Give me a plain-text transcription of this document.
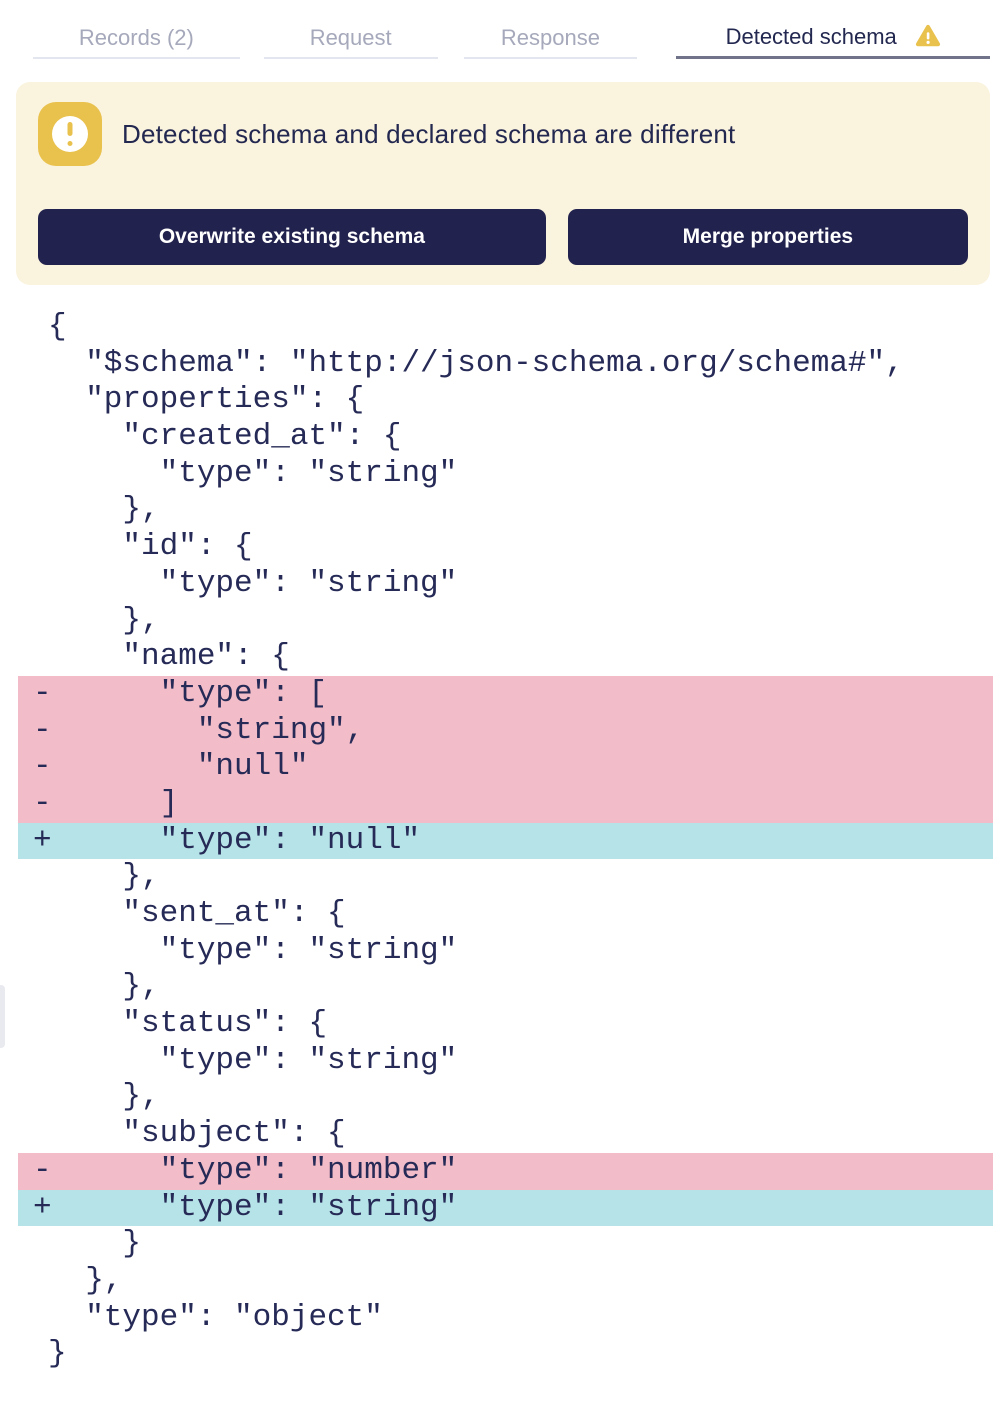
Records (2)	Request	Response	Detected schema
Detected schema and declared schema are different
Overwrite existing schema	Merge properties
{
"$schema": "http://json-schema.org/schema#",
"properties": {
"created_at": {
"type": "string"
},
"id": {
"type": "string"
},
"name": {
-
"type": [
-
"string",
-
"null"
-
]
+
"type": "null"
},
"sent_at": {
"type": "string"
},
"status": {
"type": "string"
},
"subject": {
-
"type": "number"
+
"type": "string"
}
},
"type": "object"
}
